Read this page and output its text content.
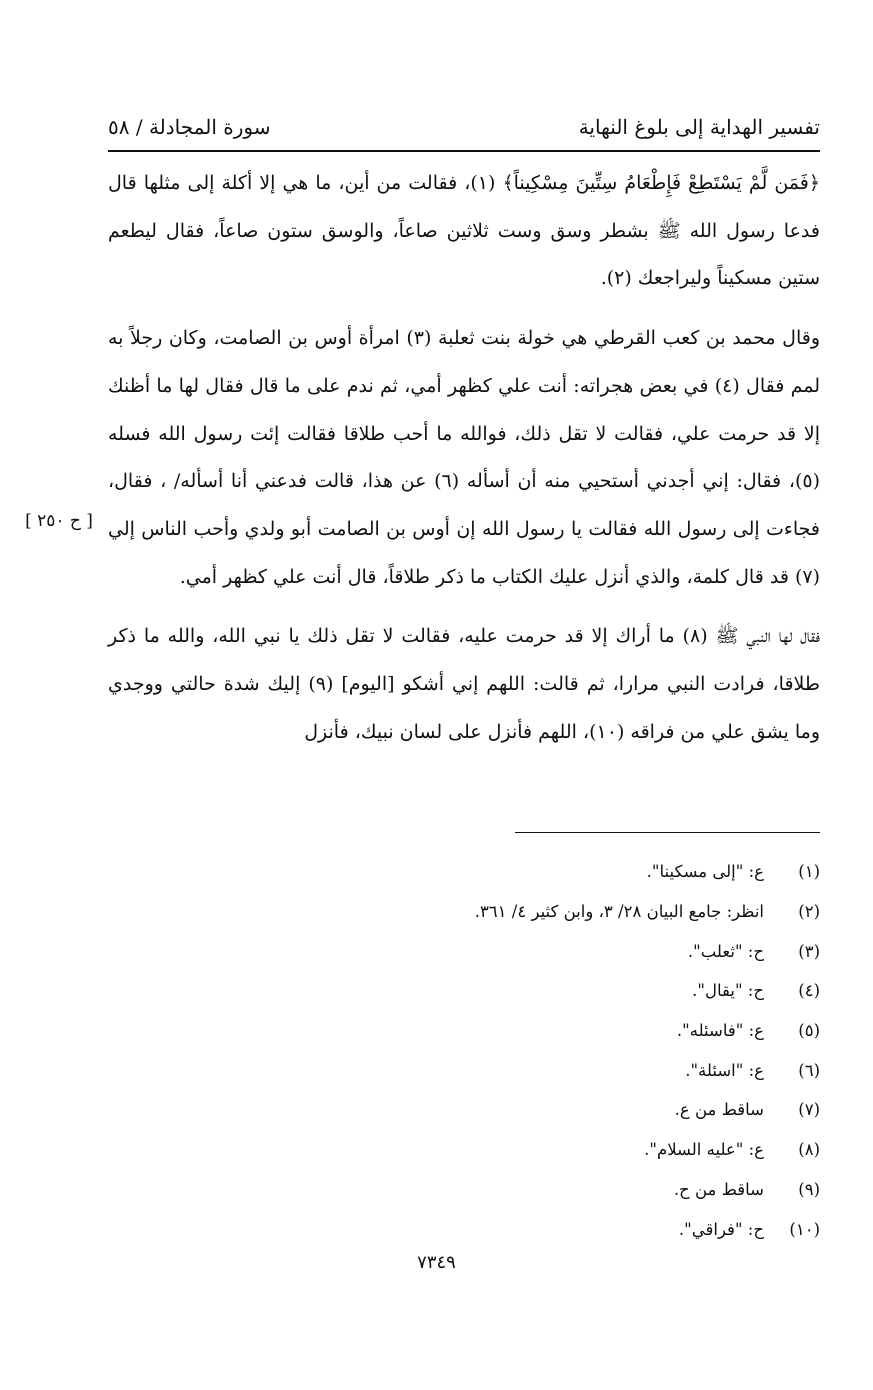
تفسير الهداية إلى بلوغ النهاية
سورة المجادلة / ٥٨

﴿فَمَن لَّمْ يَسْتَطِعْ فَإِطْعَامُ سِتِّينَ مِسْكِيناً﴾ (١)، فقالت من أين، ما هي إلا أكلة إلى مثلها قال فدعا رسول الله ﷺ بشطر وسق وست ثلاثين صاعاً، والوسق ستون صاعاً، فقال ليطعم ستين مسكيناً وليراجعك (٢).

وقال محمد بن كعب القرطي هي خولة بنت ثعلبة (٣) امرأة أوس بن الصامت، وكان رجلاً به لمم فقال (٤) في بعض هجراته: أنت علي كظهر أمي، ثم ندم على ما قال فقال لها ما أظنك إلا قد حرمت علي، فقالت لا تقل ذلك، فوالله ما أحب طلاقا فقالت إئت رسول الله فسله (٥)، فقال: إني أجدني أستحيي منه أن أسأله (٦) عن هذا، قالت فدعني أنا أسأله/ ، فقال، فجاءت إلى رسول الله فقالت يا رسول الله إن أوس بن الصامت أبو ولدي وأحب الناس إلي (٧) قد قال كلمة، والذي أنزل عليك الكتاب ما ذكر طلاقاً، قال أنت علي كظهر أمي.

فقال لها النبي ﷺ (٨) ما أراك إلا قد حرمت عليه، فقالت لا تقل ذلك يا نبي الله، والله ما ذكر طلاقا، فرادت النبي مرارا، ثم قالت: اللهم إني أشكو [اليوم] (٩) إليك شدة حالتي ووجدي وما يشق علي من فراقه (١٠)، اللهم فأنزل على لسان نبيك، فأنزل

[ ح ٢٥٠ ]
(١)
ع: "إلى مسكينا".
(٢)
انظر: جامع البيان ٢٨/ ٣، وابن كثير ٤/ ٣٦١.
(٣)
ح: "ثعلب".
(٤)
ح: "يقال".
(٥)
ع: "فاسئله".
(٦)
ع: "اسئلة".
(٧)
ساقط من ع.
(٨)
ع: "عليه السلام".
(٩)
ساقط من ح.
(١٠)
ح: "فراقي".
٧٣٤٩
